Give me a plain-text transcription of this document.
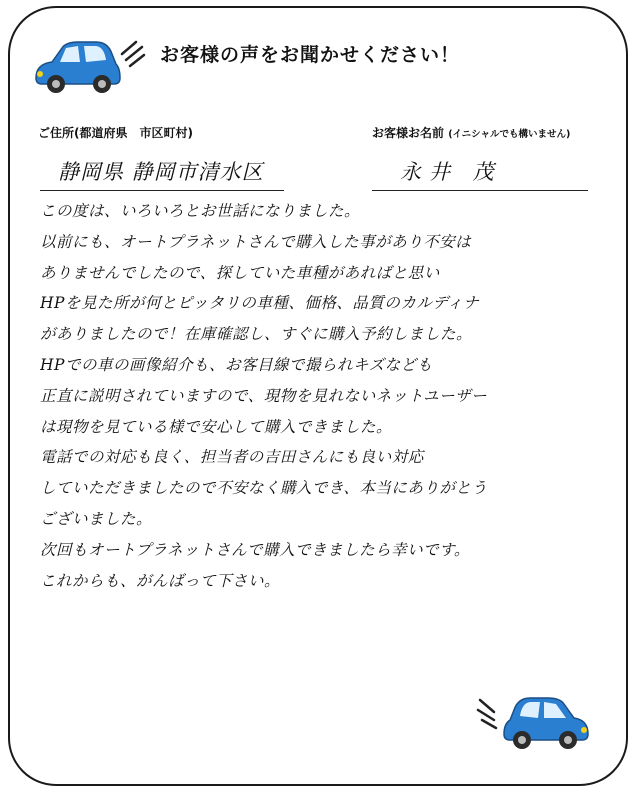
お客様の声をお聞かせください！
ご住所(都道府県　市区町村)	お客様お名前 (イニシャルでも構いません)
静岡県 静岡市清水区	永井 茂
この度は、いろいろとお世話になりました。
以前にも、オートプラネットさんで購入した事があり不安は
ありませんでしたので、探していた車種があればと思い
HPを見た所が何とピッタリの車種、価格、品質のカルディナ
がありましたので！在庫確認し、すぐに購入予約しました。
HPでの車の画像紹介も、お客目線で撮られキズなども
正直に説明されていますので、現物を見れないネットユーザー
は現物を見ている様で安心して購入できました。
電話での対応も良く、担当者の吉田さんにも良い対応
していただきましたので不安なく購入でき、本当にありがとう
ございました。
次回もオートプラネットさんで購入できましたら幸いです。
これからも、がんばって下さい。
